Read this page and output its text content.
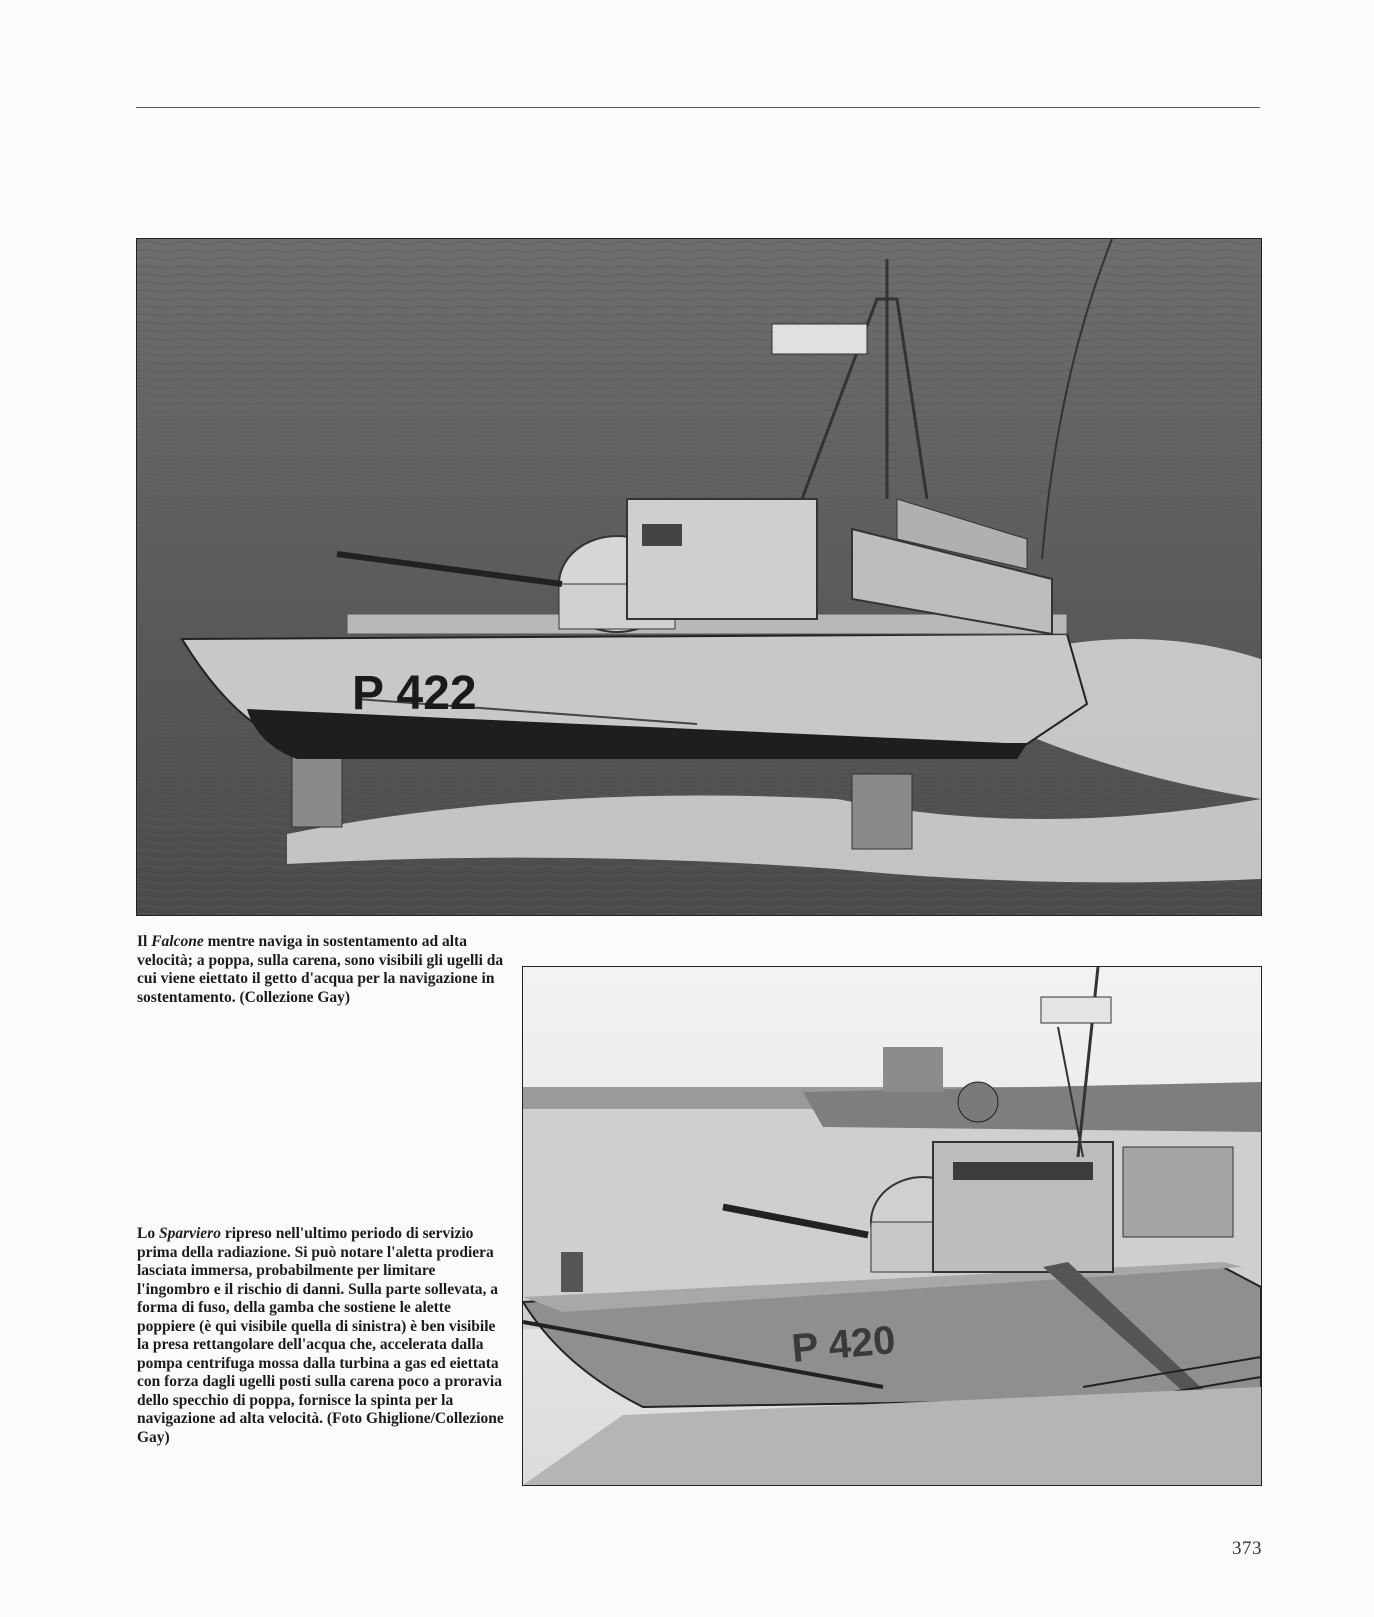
P 422
Il Falcone mentre naviga in sostentamento ad alta velocità; a poppa, sulla carena, sono visibili gli ugelli da cui viene eiettato il getto d'acqua per la navigazione in sostentamento. (Collezione Gay)
P 420
Lo Sparviero ripreso nell'ultimo periodo di servizio prima della radiazione. Si può notare l'aletta prodiera lasciata immersa, probabilmente per limitare l'ingombro e il rischio di danni. Sulla parte sollevata, a forma di fuso, della gamba che sostiene le alette poppiere (è qui visibile quella di sinistra) è ben visibile la presa rettangolare dell'acqua che, accelerata dalla pompa centrifuga mossa dalla turbina a gas ed eiettata con forza dagli ugelli posti sulla carena poco a proravia dello specchio di poppa, fornisce la spinta per la navigazione ad alta velocità. (Foto Ghiglione/Collezione Gay)
373
